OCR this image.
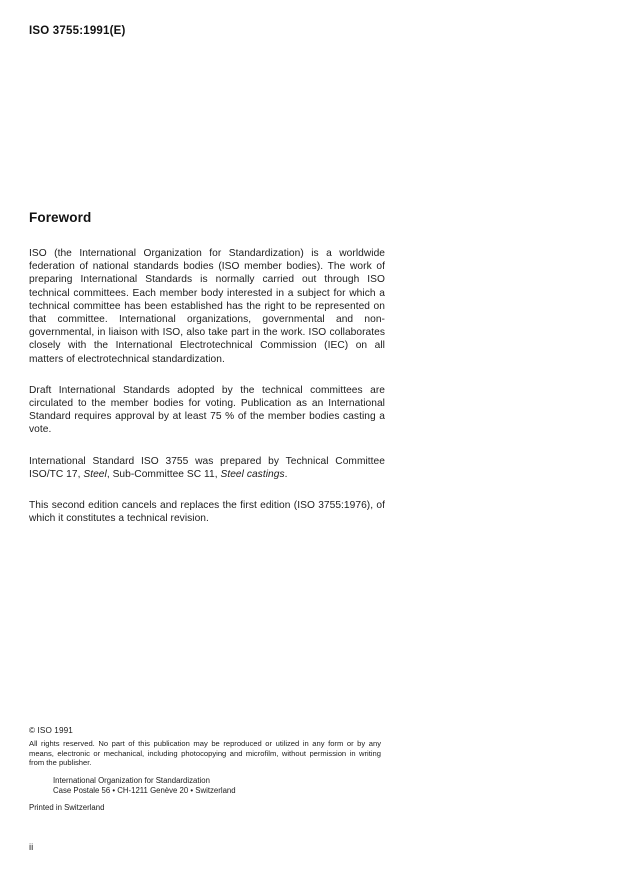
ISO 3755:1991(E)
Foreword

ISO (the International Organization for Standardization) is a worldwide federation of national standards bodies (ISO member bodies). The work of preparing International Standards is normally carried out through ISO technical committees. Each member body interested in a subject for which a technical committee has been established has the right to be represented on that committee. International organizations, governmental and non-governmental, in liaison with ISO, also take part in the work. ISO collaborates closely with the International Electrotechnical Commission (IEC) on all matters of electrotechnical standardization.

Draft International Standards adopted by the technical committees are circulated to the member bodies for voting. Publication as an International Standard requires approval by at least 75 % of the member bodies casting a vote.

International Standard ISO 3755 was prepared by Technical Committee ISO/TC 17, Steel, Sub-Committee SC 11, Steel castings.

This second edition cancels and replaces the first edition (ISO 3755:1976), of which it constitutes a technical revision.

© ISO 1991
All rights reserved. No part of this publication may be reproduced or utilized in any form or by any means, electronic or mechanical, including photocopying and microfilm, without permission in writing from the publisher.
International Organization for Standardization
Case Postale 56 • CH-1211 Genève 20 • Switzerland
Printed in Switzerland
ii
